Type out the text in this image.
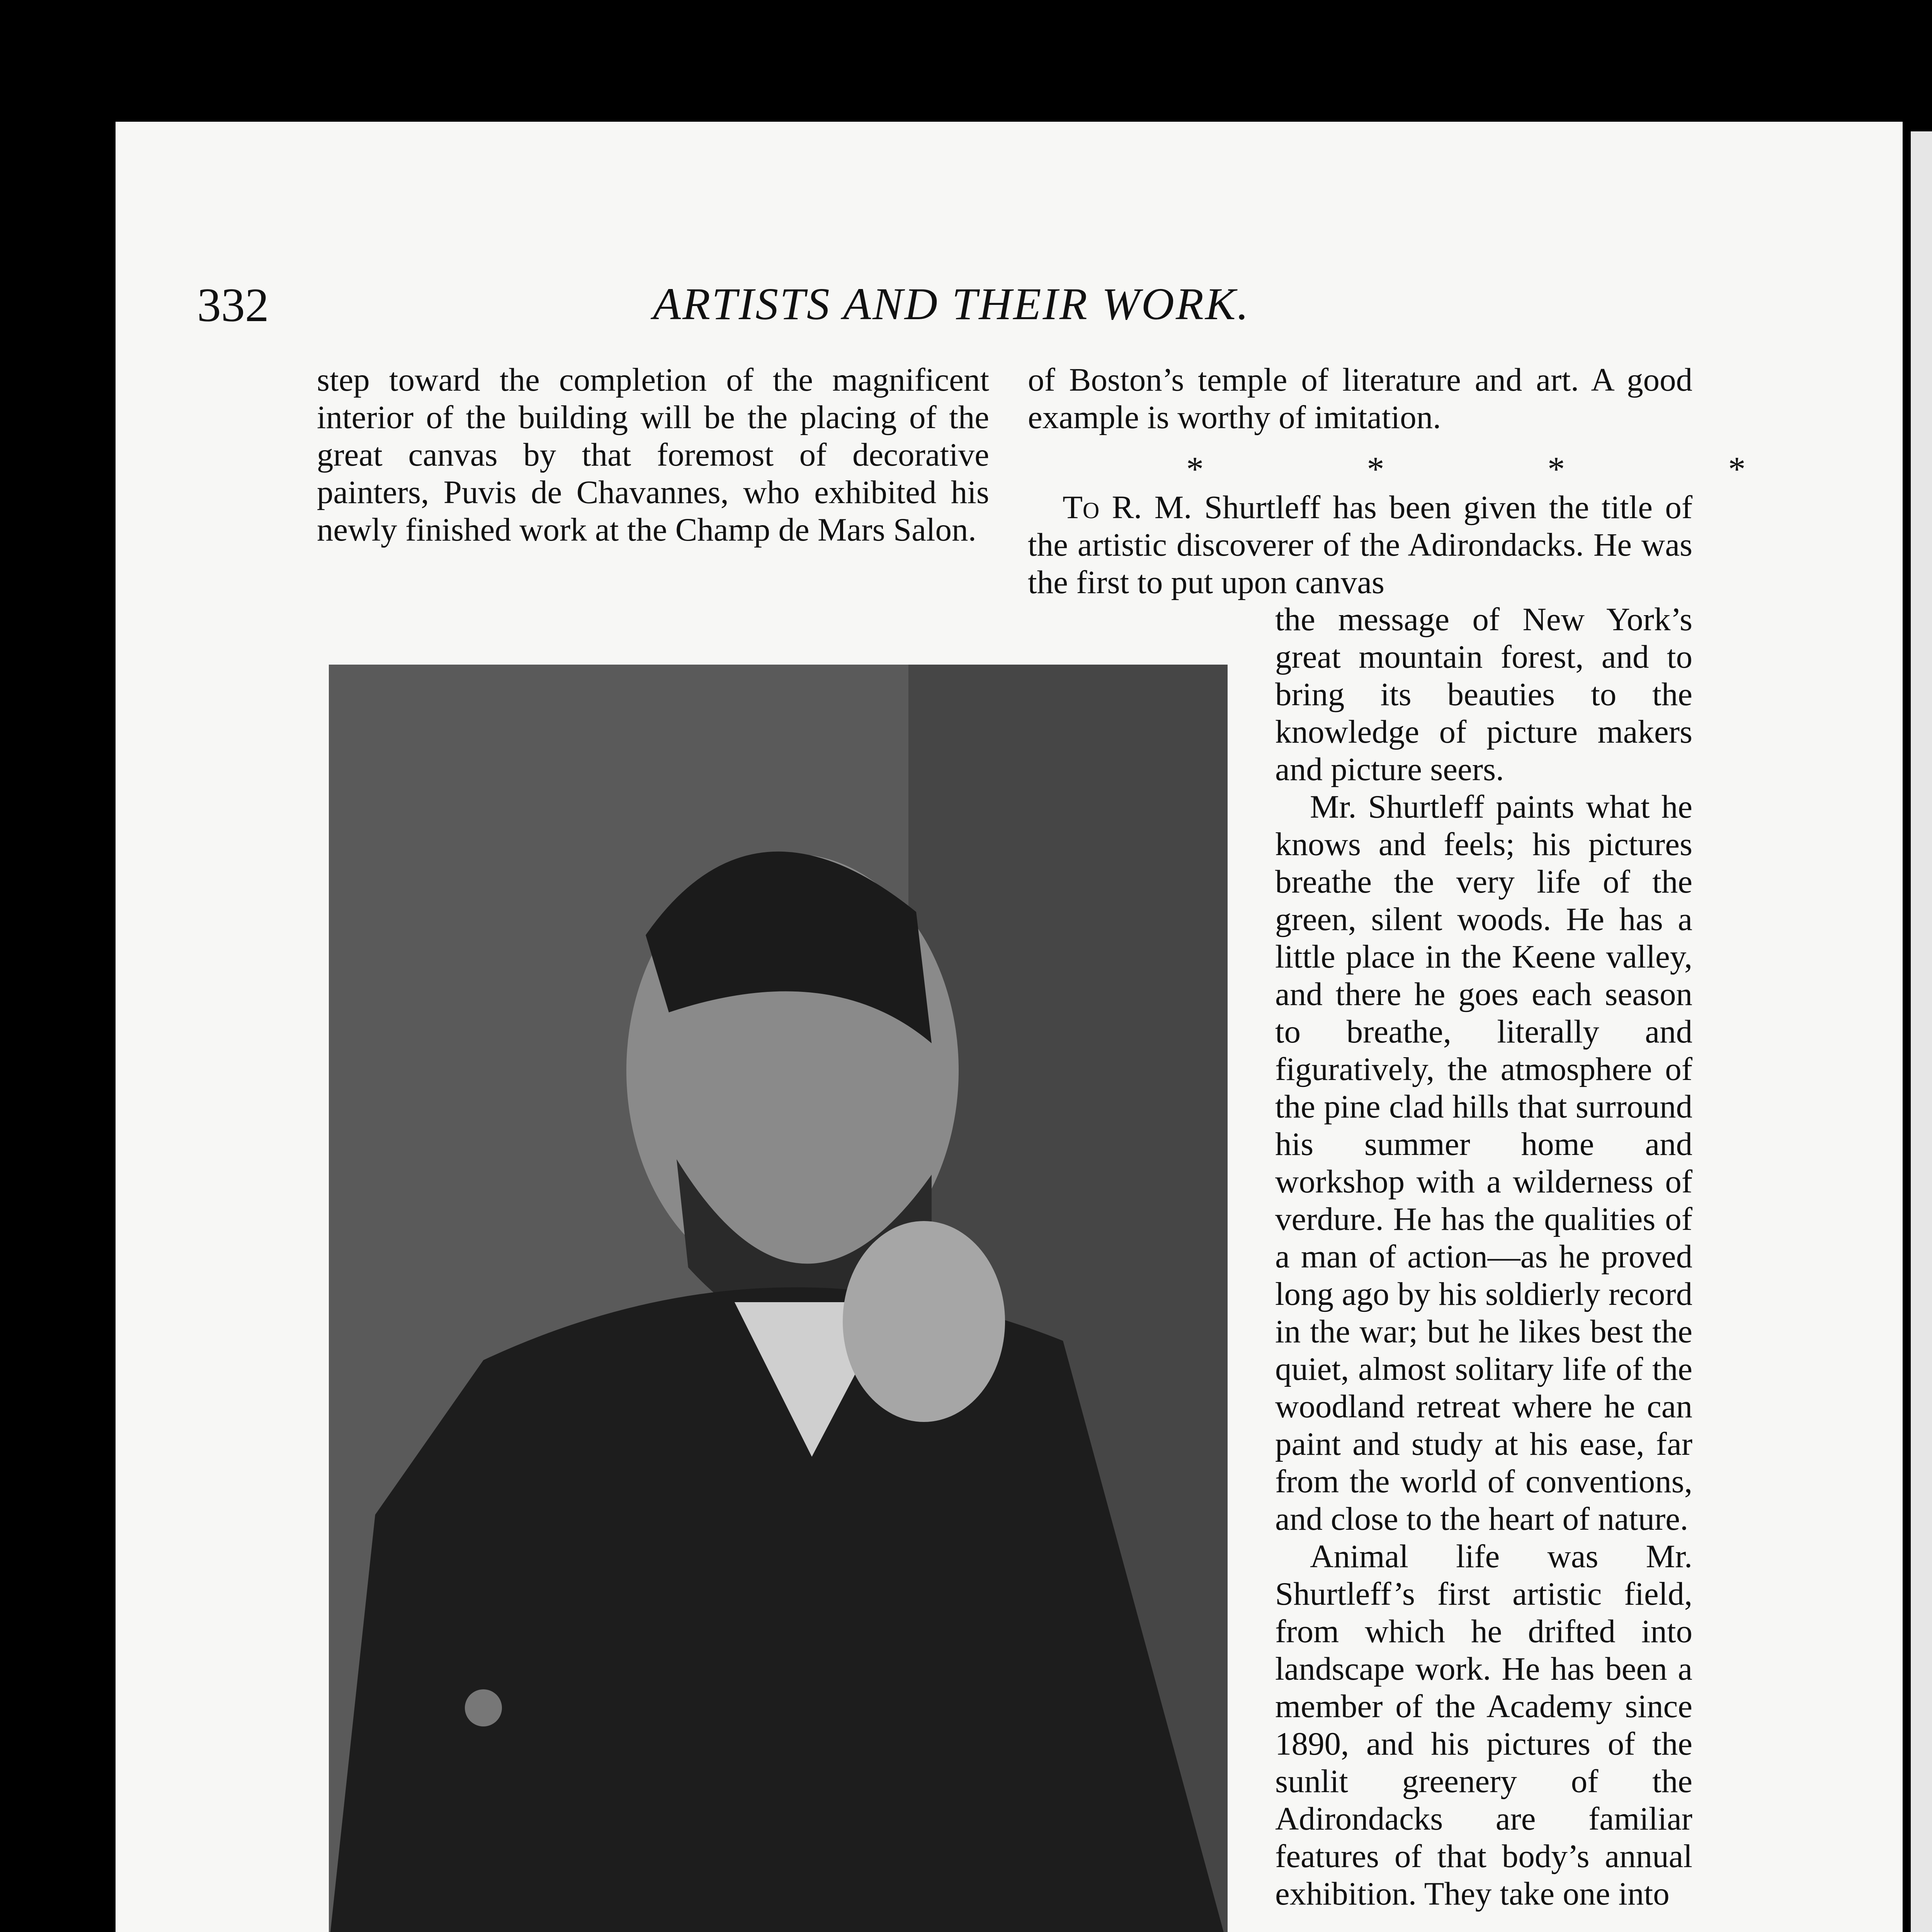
332	ARTISTS AND THEIR WORK.

step toward the completion of the magnificent interior of the building will be the placing of the great canvas by that foremost of decorative painters, Puvis de Chavannes, who exhibited his newly finished work at the Champ de Mars Salon.

of Boston’s temple of literature and art. A good example is worthy of imitation.

* * * *

To R. M. Shurtleff has been given the title of the artistic discoverer of the Adirondacks. He was the first to put upon canvas

the message of New York’s great mountain forest, and to bring its beauties to the knowledge of picture makers and picture seers.

Mr. Shurtleff paints what he knows and feels; his pictures breathe the very life of the green, silent woods. He has a little place in the Keene valley, and there he goes each season to breathe, literally and figuratively, the atmosphere of the pine clad hills that surround his summer home and workshop with a wilderness of verdure. He has the qualities of a man of action—as he proved long ago by his soldierly record in the war; but he likes best the quiet, almost solitary life of the woodland retreat where he can paint and study at his ease, far from the world of conventions, and close to the heart of nature.

Animal life was Mr. Shurtleff’s first artistic field, from which he drifted into landscape work. He has been a member of the Academy since 1890, and his pictures of the sunlit greenery of the Adirondacks are familiar features of that body’s annual exhibition. They take one into
